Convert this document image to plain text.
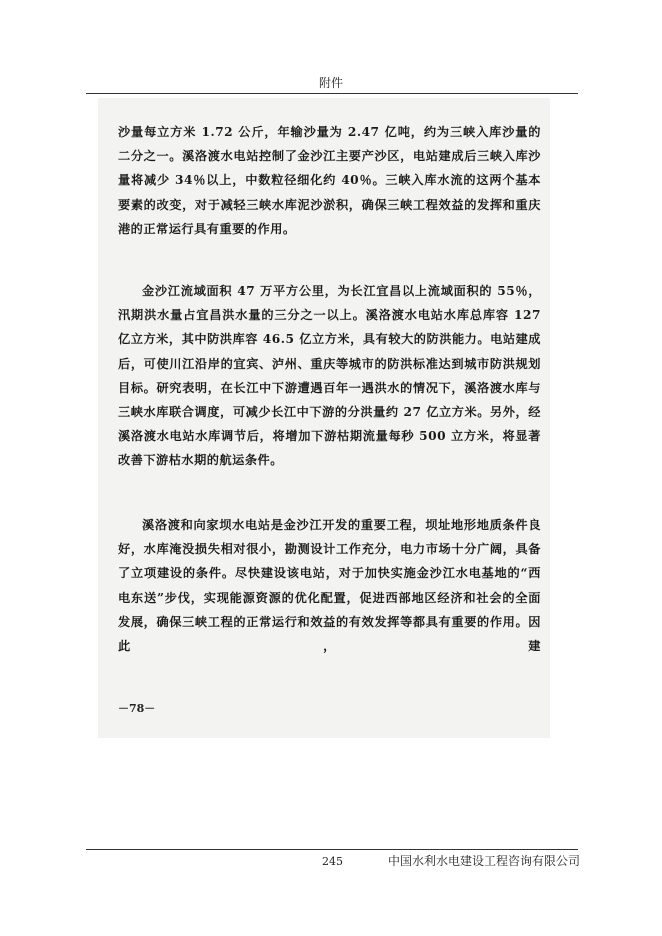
附件

沙量每立方米 1.72 公斤，年输沙量为 2.47 亿吨，约为三峡入库沙量的二分之一。溪洛渡水电站控制了金沙江主要产沙区，电站建成后三峡入库沙量将减少 34％以上，中数粒径细化约 40％。三峡入库水流的这两个基本要素的改变，对于减轻三峡水库泥沙淤积，确保三峡工程效益的发挥和重庆港的正常运行具有重要的作用。

金沙江流域面积 47 万平方公里，为长江宜昌以上流域面积的 55％，汛期洪水量占宜昌洪水量的三分之一以上。溪洛渡水电站水库总库容 127 亿立方米，其中防洪库容 46.5 亿立方米，具有较大的防洪能力。电站建成后，可使川江沿岸的宜宾、泸州、重庆等城市的防洪标准达到城市防洪规划目标。研究表明，在长江中下游遭遇百年一遇洪水的情况下，溪洛渡水库与三峡水库联合调度，可减少长江中下游的分洪量约 27 亿立方米。另外，经溪洛渡水电站水库调节后，将增加下游枯期流量每秒 500 立方米，将显著改善下游枯水期的航运条件。

溪洛渡和向家坝水电站是金沙江开发的重要工程，坝址地形地质条件良好，水库淹没损失相对很小，勘测设计工作充分，电力市场十分广阔，具备了立项建设的条件。尽快建设该电站，对于加快实施金沙江水电基地的“西电东送”步伐，实现能源资源的优化配置，促进西部地区经济和社会的全面发展，确保三峡工程的正常运行和效益的有效发挥等都具有重要的作用。因此，建

－78－
245	中国水利水电建设工程咨询有限公司
